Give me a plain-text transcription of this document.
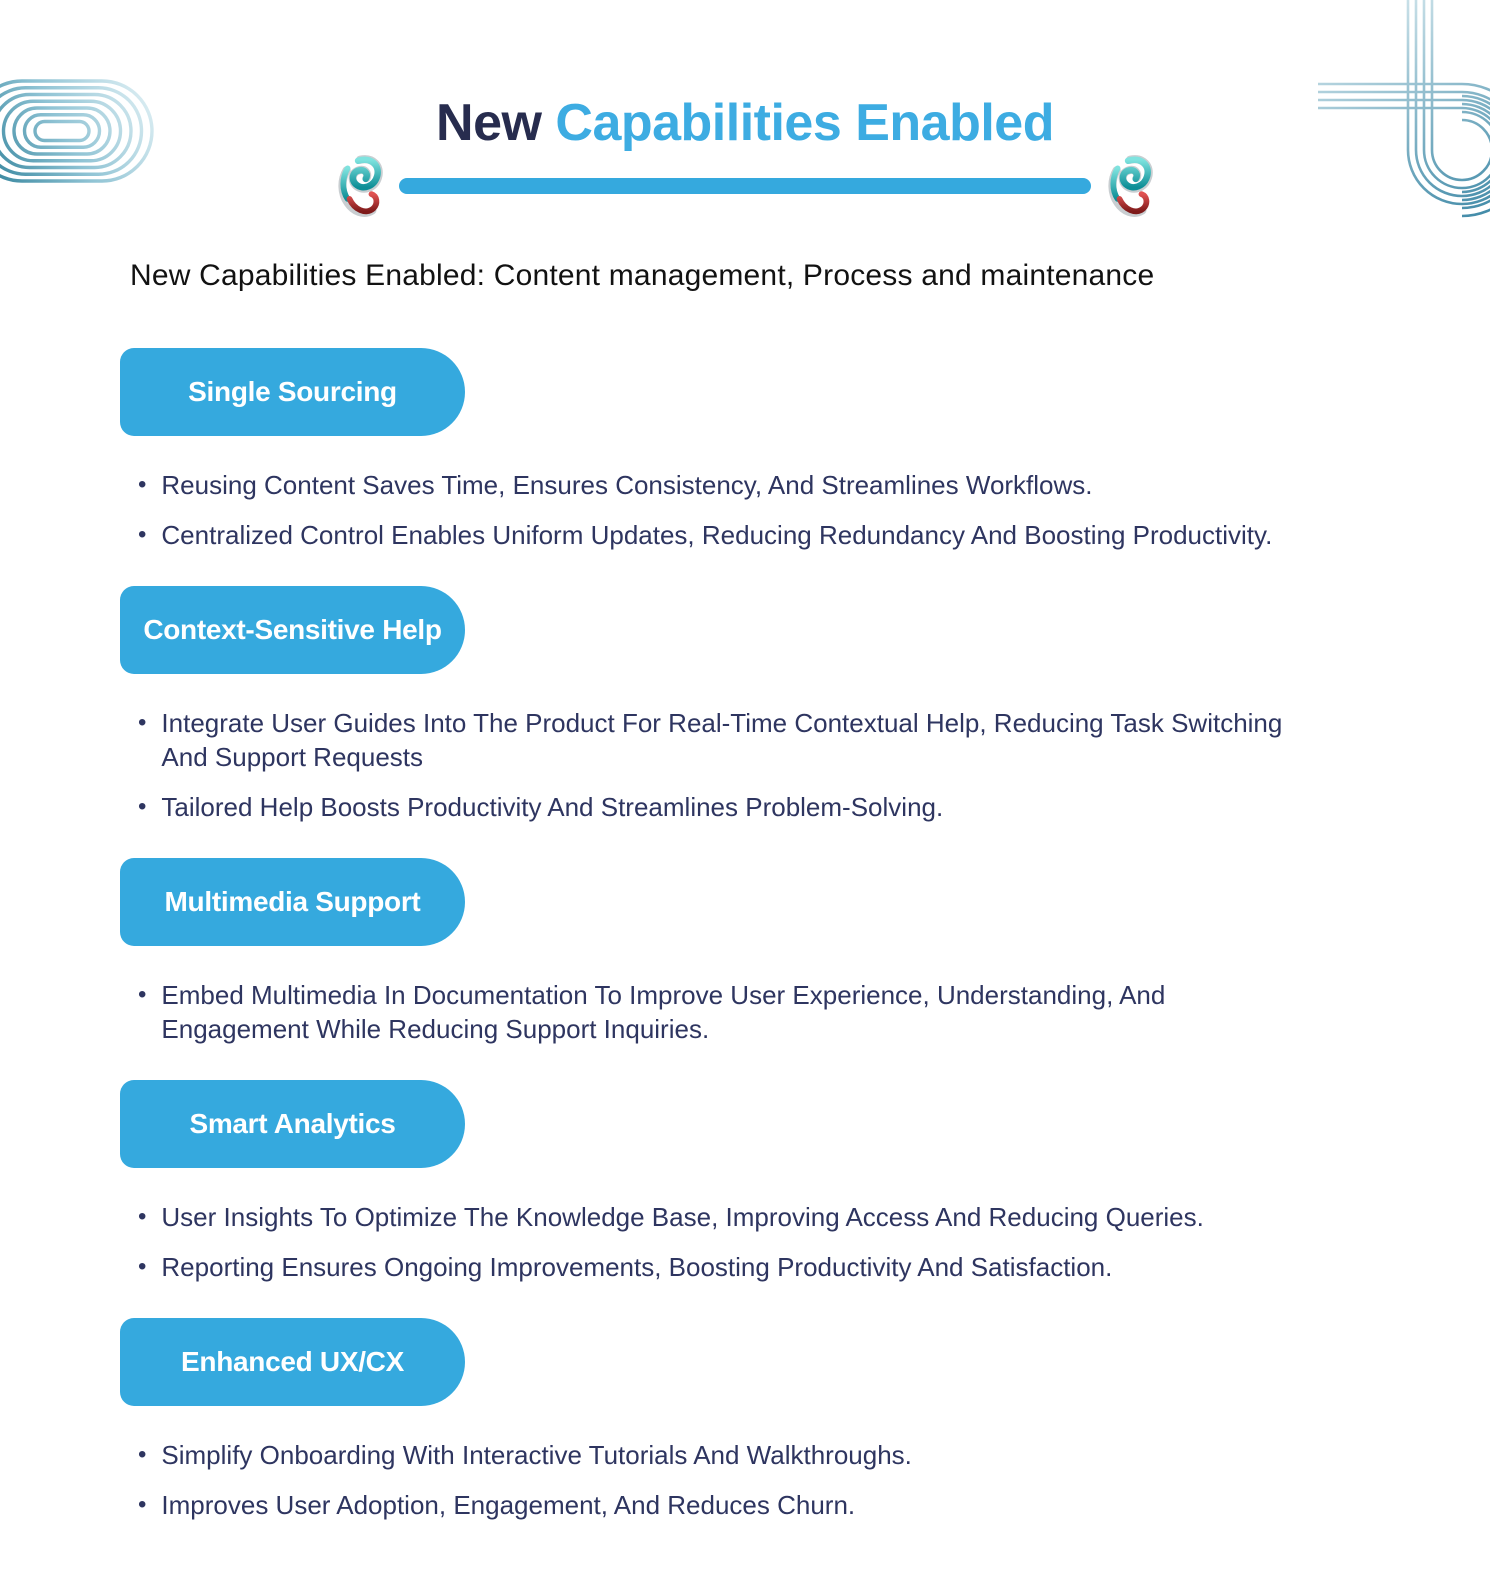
New Capabilities Enabled

New Capabilities Enabled: Content management, Process and maintenance

Single Sourcing
• Reusing Content Saves Time, Ensures Consistency, And Streamlines Workflows.
• Centralized Control Enables Uniform Updates, Reducing Redundancy And Boosting Productivity.
Context-Sensitive Help
• Integrate User Guides Into The Product For Real-Time Contextual Help, Reducing Task Switching And Support Requests
• Tailored Help Boosts Productivity And Streamlines Problem-Solving.
Multimedia Support
• Embed Multimedia In Documentation To Improve User Experience, Understanding, And Engagement While Reducing Support Inquiries.
Smart Analytics
• User Insights To Optimize The Knowledge Base, Improving Access And Reducing Queries.
• Reporting Ensures Ongoing Improvements, Boosting Productivity And Satisfaction.
Enhanced UX/CX
• Simplify Onboarding With Interactive Tutorials And Walkthroughs.
• Improves User Adoption, Engagement, And Reduces Churn.
